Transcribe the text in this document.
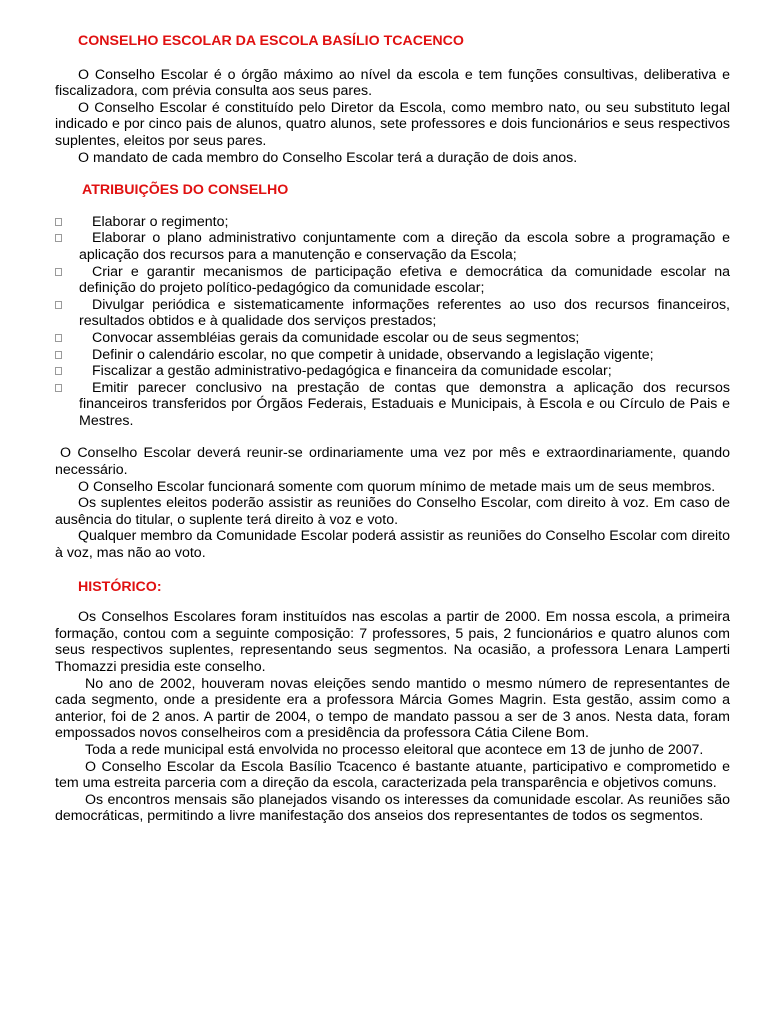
CONSELHO ESCOLAR DA ESCOLA BASÍLIO TCACENCO

O Conselho Escolar é o órgão máximo ao nível da escola e tem funções consultivas, deliberativa e fiscalizadora, com prévia consulta aos seus pares.

O Conselho Escolar é constituído pelo Diretor da Escola, como membro nato, ou seu substituto legal indicado e por cinco pais de alunos, quatro alunos, sete professores e dois funcionários e seus respectivos suplentes, eleitos por seus pares.

O mandato de cada membro do Conselho Escolar terá a duração de dois anos.

ATRIBUIÇÕES DO CONSELHO
Elaborar o regimento;
Elaborar o plano administrativo conjuntamente com a direção da escola sobre a programação e aplicação dos recursos para a manutenção e conservação da Escola;
Criar e garantir mecanismos de participação efetiva e democrática da comunidade escolar na definição do projeto político-pedagógico da comunidade escolar;
Divulgar periódica e sistematicamente informações referentes ao uso dos recursos financeiros, resultados obtidos e à qualidade dos serviços prestados;
Convocar assembléias gerais da comunidade escolar ou de seus segmentos;
Definir o calendário escolar, no que competir à unidade, observando a legislação vigente;
Fiscalizar a gestão administrativo-pedagógica e financeira da comunidade escolar;
Emitir parecer conclusivo na prestação de contas que demonstra a aplicação dos recursos financeiros transferidos por Órgãos Federais, Estaduais e Municipais, à Escola e ou Círculo de Pais e Mestres.

O Conselho Escolar deverá reunir-se ordinariamente uma vez por mês e extraordinariamente, quando necessário.

O Conselho Escolar funcionará somente com quorum mínimo de metade mais um de seus membros.

Os suplentes eleitos poderão assistir as reuniões do Conselho Escolar, com direito à voz. Em caso de ausência do titular, o suplente terá direito à voz e voto.

Qualquer membro da Comunidade Escolar poderá assistir as reuniões do Conselho Escolar com direito à voz, mas não ao voto.

HISTÓRICO:

Os Conselhos Escolares foram instituídos nas escolas a partir de 2000. Em nossa escola, a primeira formação, contou com a seguinte composição: 7 professores, 5 pais, 2 funcionários e quatro alunos com seus respectivos suplentes, representando seus segmentos. Na ocasião, a professora Lenara Lamperti Thomazzi presidia este conselho.

No ano de 2002, houveram novas eleições sendo mantido o mesmo número de representantes de cada segmento, onde a presidente era a professora Márcia Gomes Magrin. Esta gestão, assim como a anterior, foi de 2 anos. A partir de 2004, o tempo de mandato passou a ser de 3 anos. Nesta data, foram empossados novos conselheiros com a presidência da professora Cátia Cilene Bom.

Toda a rede municipal está envolvida no processo eleitoral que acontece em 13 de junho de 2007.

O Conselho Escolar da Escola Basílio Tcacenco é bastante atuante, participativo e comprometido e tem uma estreita parceria com a direção da escola, caracterizada pela transparência e objetivos comuns.

Os encontros mensais são planejados visando os interesses da comunidade escolar. As reuniões são democráticas, permitindo a livre manifestação dos anseios dos representantes de todos os segmentos.
